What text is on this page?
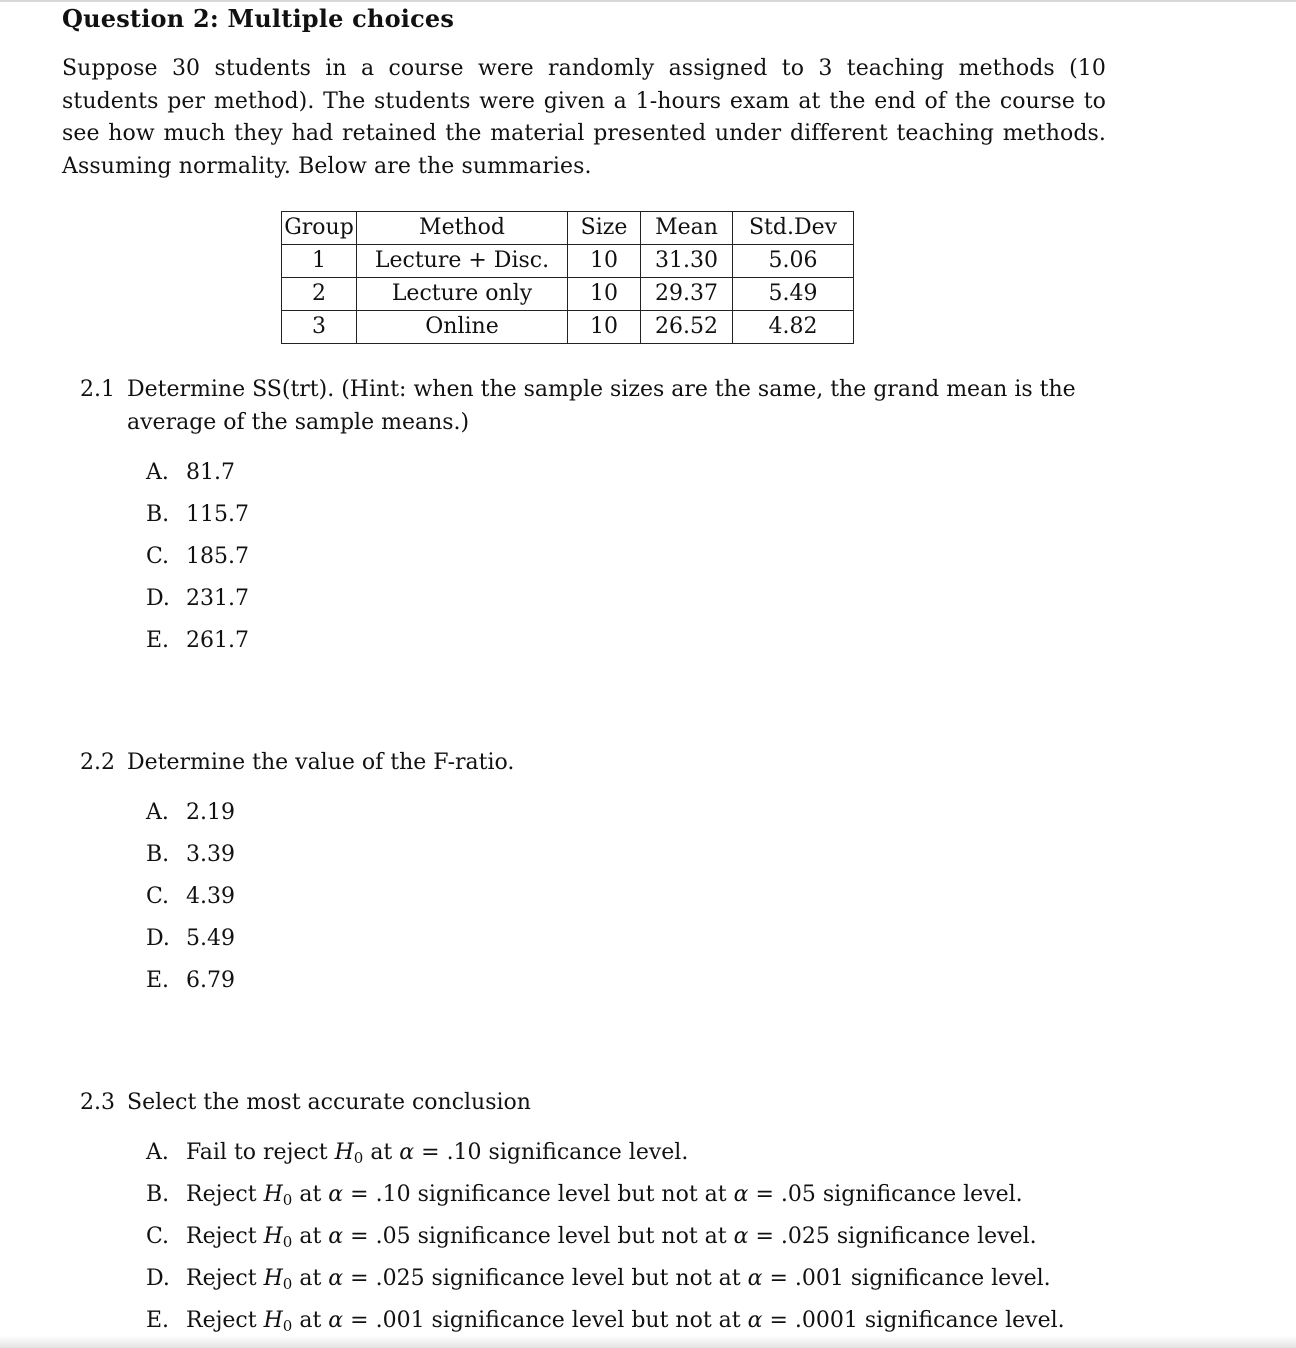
Question 2: Multiple choices
Suppose 30 students in a course were randomly assigned to 3 teaching methods (10 students per method). The students were given a 1-hours exam at the end of the course to see how much they had retained the material presented under different teaching methods. Assuming normality. Below are the summaries.
Group	Method	Size	Mean	Std.Dev
1	Lecture + Disc.	10	31.30	5.06
2	Lecture only	10	29.37	5.49
3	Online	10	26.52	4.82
2.1 Determine SS(trt). (Hint: when the sample sizes are the same, the grand mean is the
average of the sample means.)
A. 81.7
B. 115.7
C. 185.7
D. 231.7
E. 261.7
2.2 Determine the value of the F-ratio.
A. 2.19
B. 3.39
C. 4.39
D. 5.49
E. 6.79
2.3 Select the most accurate conclusion
A. Fail to reject $H_0$ at α = .10 significance level.
B. Reject $H_0$ at α = .10 significance level but not at α = .05 significance level.
C. Reject $H_0$ at α = .05 significance level but not at α = .025 significance level.
D. Reject $H_0$ at α = .025 significance level but not at α = .001 significance level.
E. Reject $H_0$ at α = .001 significance level but not at α = .0001 significance level.
